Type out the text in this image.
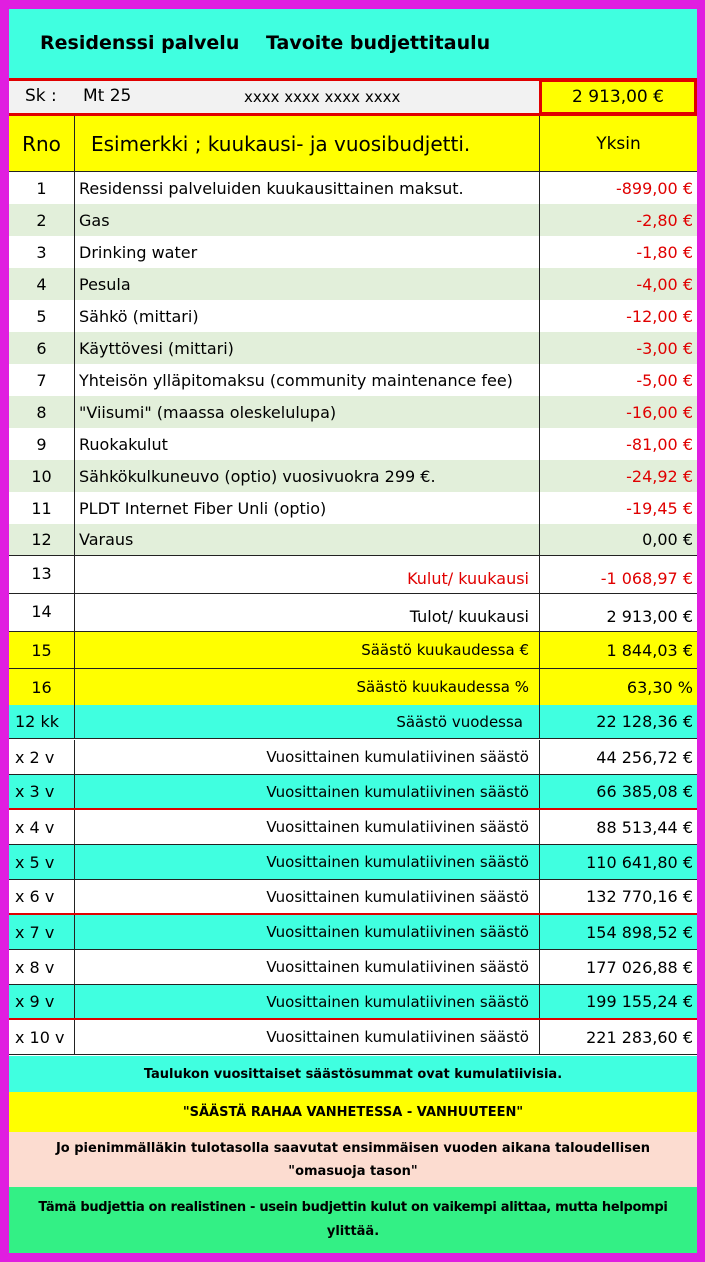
Residenssi palvelu Tavoite budjettitaulu
Sk : Mt 25	xxxx xxxx xxxx xxxx	2 913,00 €
Rno	Esimerkki ; kuukausi- ja vuosibudjetti.	Yksin
1	Residenssi palveluiden kuukausittainen maksut.	-899,00 €
2	Gas	-2,80 €
3	Drinking water	-1,80 €
4	Pesula	-4,00 €
5	Sähkö (mittari)	-12,00 €
6	Käyttövesi (mittari)	-3,00 €
7	Yhteisön ylläpitomaksu (community maintenance fee)	-5,00 €
8	"Viisumi" (maassa oleskelulupa)	-16,00 €
9	Ruokakulut	-81,00 €
10	Sähkökulkuneuvo (optio) vuosivuokra 299 €.	-24,92 €
11	PLDT Internet Fiber Unli (optio)	-19,45 €
12	Varaus	0,00 €
13	Kulut/ kuukausi	-1 068,97 €
14	Tulot/ kuukausi	2 913,00 €
15	Säästö kuukaudessa €	1 844,03 €
16	Säästö kuukaudessa %	63,30 %
12 kk	Säästö vuodessa	22 128,36 €
x 2 v	Vuosittainen kumulatiivinen säästö	44 256,72 €
x 3 v	Vuosittainen kumulatiivinen säästö	66 385,08 €
x 4 v	Vuosittainen kumulatiivinen säästö	88 513,44 €
x 5 v	Vuosittainen kumulatiivinen säästö	110 641,80 €
x 6 v	Vuosittainen kumulatiivinen säästö	132 770,16 €
x 7 v	Vuosittainen kumulatiivinen säästö	154 898,52 €
x 8 v	Vuosittainen kumulatiivinen säästö	177 026,88 €
x 9 v	Vuosittainen kumulatiivinen säästö	199 155,24 €
x 10 v	Vuosittainen kumulatiivinen säästö	221 283,60 €
Taulukon vuosittaiset säästösummat ovat kumulatiivisia.
"SÄÄSTÄ RAHAA VANHETESSA - VANHUUTEEN"
Jo pienimmälläkin tulotasolla saavutat ensimmäisen vuoden aikana taloudellisen
"omasuoja tason"
Tämä budjettia on realistinen - usein budjettin kulut on vaikempi alittaa, mutta helpompi
ylittää.
